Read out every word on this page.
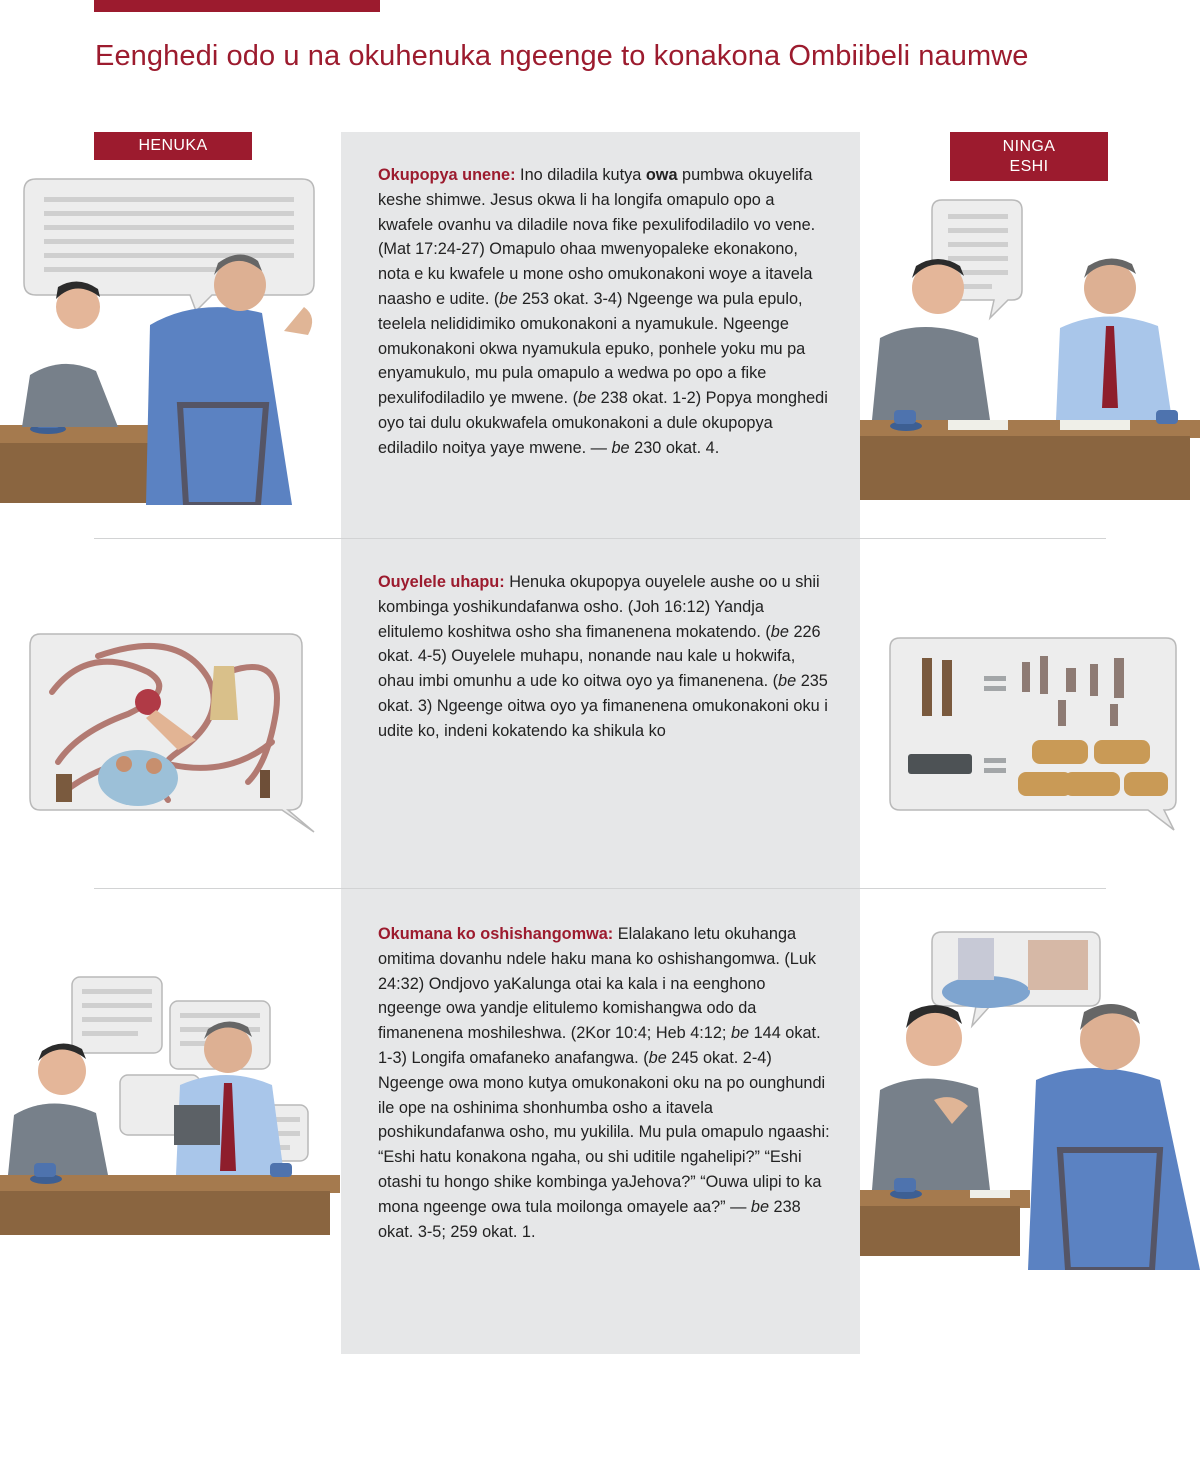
Eenghedi odo u na okuhenuka ngeenge to konakona Ombiibeli naumwe
HENUKA	NINGA
ESHI

Okupopya unene: Ino diladila kutya owa pumbwa okuyelifa keshe shimwe. Jesus okwa li ha longifa omapulo opo a kwafele ovanhu va diladile nova fike pexulifodiladilo vo vene. (Mat 17:24-27) Omapulo ohaa mwenyopaleke ekonakono, nota e ku kwafele u mone osho omukonakoni woye a itavela naasho e udite. (be 253 okat. 3-4) Ngeenge wa pula epulo, teelela nelididimiko omukonakoni a nyamukule. Ngeenge omukonakoni okwa nyamukula epuko, ponhele yoku mu pa enyamukulo, mu pula omapulo a wedwa po opo a fike pexulifodiladilo ye mwene. (be 238 okat. 1-2) Popya monghedi oyo tai dulu okukwafela omukonakoni a dule okupopya ediladilo noitya yaye mwene. — be 230 okat. 4.

Ouyelele uhapu: Henuka okupopya ouyelele aushe oo u shii kombinga yoshikundafanwa osho. (Joh 16:12) Yandja elitulemo koshitwa osho sha fimanenena mokatendo. (be 226 okat. 4-5) Ouyelele muhapu, nonande nau kale u hokwifa, ohau imbi omunhu a ude ko oitwa oyo ya fimanenena. (be 235 okat. 3) Ngeenge oitwa oyo ya fimanenena omukonakoni oku i udite ko, indeni kokatendo ka shikula ko

Okumana ko oshishangomwa: Elalakano letu okuhanga omitima dovanhu ndele haku mana ko oshishangomwa. (Luk 24:32) Ondjovo yaKalunga otai ka kala i na eenghono ngeenge owa yandje elitulemo komishangwa odo da fimanenena moshileshwa. (2Kor 10:4; Heb 4:12; be 144 okat. 1-3) Longifa omafaneko anafangwa. (be 245 okat. 2-4) Ngeenge owa mono kutya omukonakoni oku na po ounghundi ile ope na oshinima shonhumba osho a itavela poshikundafanwa osho, mu yukilila. Mu pula omapulo ngaashi: “Eshi hatu konakona ngaha, ou shi uditile ngahelipi?” “Eshi otashi tu hongo shike kombinga yaJehova?” “Ouwa ulipi to ka mona ngeenge owa tula moilonga omayele aa?” — be 238 okat. 3-5; 259 okat. 1.
